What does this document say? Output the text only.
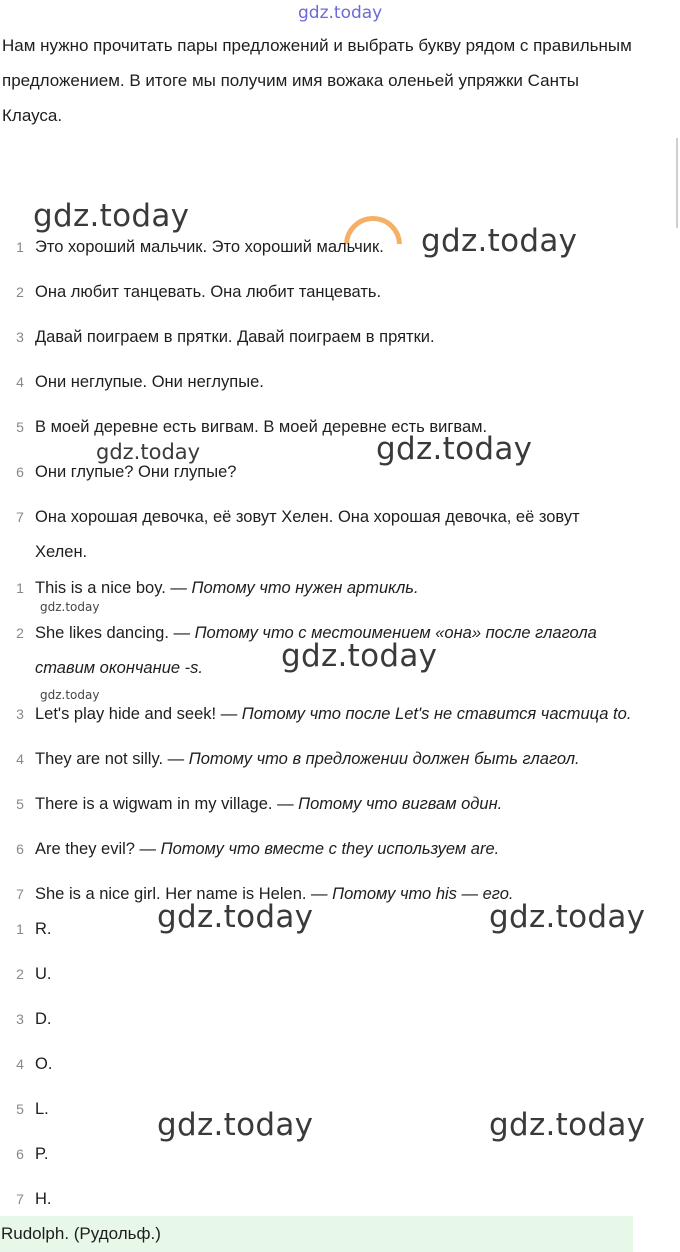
gdz.today
Нам нужно прочитать пары предложений и выбрать букву рядом с правильным предложением. В итоге мы получим имя вожака оленьей упряжки Санты Клауса.
1 Это хороший мальчик. Это хороший мальчик.
2 Она любит танцевать. Она любит танцевать.
3 Давай поиграем в прятки. Давай поиграем в прятки.
4 Они неглупые. Они неглупые.
5 В моей деревне есть вигвам. В моей деревне есть вигвам.
6 Они глупые? Они глупые?
7 Она хорошая девочка, её зовут Хелен. Она хорошая девочка, её зовут Хелен.
1 This is a nice boy. — Потому что нужен артикль.
2 She likes dancing. — Потому что с местоимением «она» после глагола ставим окончание -s.
3 Let's play hide and seek! — Потому что после Let's не ставится частица to.
4 They are not silly. — Потому что в предложении должен быть глагол.
5 There is a wigwam in my village. — Потому что вигвам один.
6 Are they evil? — Потому что вместе с they используем are.
7 She is a nice girl. Her name is Helen. — Потому что his — его.
1 R.
2 U.
3 D.
4 O.
5 L.
6 P.
7 H.
Rudolph. (Рудольф.)
gdz.today
gdz.today
gdz.today	gdz.today
gdz.today
gdz.today
gdz.today
gdz.today	gdz.today
gdz.today	gdz.today
